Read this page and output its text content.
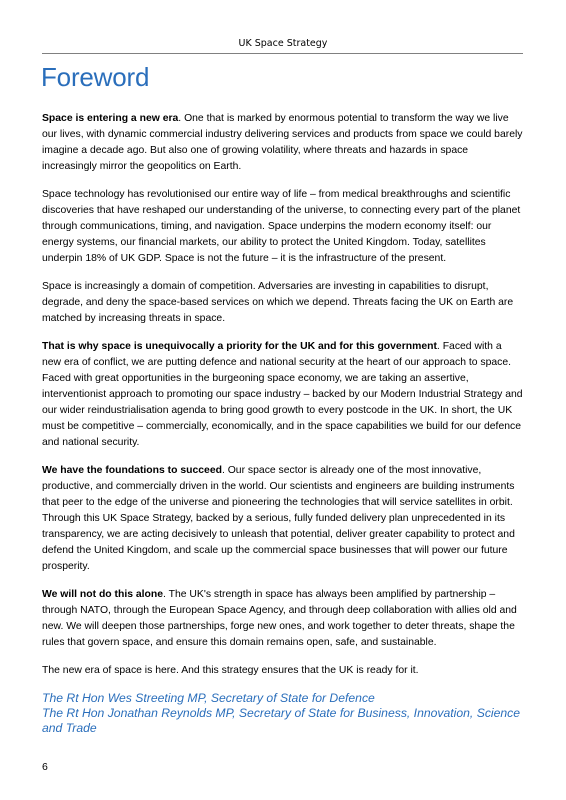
UK Space Strategy
Foreword

Space is entering a new era. One that is marked by enormous potential to transform the way we live our lives, with dynamic commercial industry delivering services and products from space we could barely imagine a decade ago. But also one of growing volatility, where threats and hazards in space increasingly mirror the geopolitics on Earth.

Space technology has revolutionised our entire way of life – from medical breakthroughs and scientific discoveries that have reshaped our understanding of the universe, to connecting every part of the planet through communications, timing, and navigation. Space underpins the modern economy itself: our energy systems, our financial markets, our ability to protect the United Kingdom. Today, satellites underpin 18% of UK GDP. Space is not the future – it is the infrastructure of the present.

Space is increasingly a domain of competition. Adversaries are investing in capabilities to disrupt, degrade, and deny the space-based services on which we depend. Threats facing the UK on Earth are matched by increasing threats in space.

That is why space is unequivocally a priority for the UK and for this government. Faced with a new era of conflict, we are putting defence and national security at the heart of our approach to space. Faced with great opportunities in the burgeoning space economy, we are taking an assertive, interventionist approach to promoting our space industry – backed by our Modern Industrial Strategy and our wider reindustrialisation agenda to bring good growth to every postcode in the UK. In short, the UK must be competitive – commercially, economically, and in the space capabilities we build for our defence and national security.

We have the foundations to succeed. Our space sector is already one of the most innovative, productive, and commercially driven in the world. Our scientists and engineers are building instruments that peer to the edge of the universe and pioneering the technologies that will service satellites in orbit. Through this UK Space Strategy, backed by a serious, fully funded delivery plan unprecedented in its transparency, we are acting decisively to unleash that potential, deliver greater capability to protect and defend the United Kingdom, and scale up the commercial space businesses that will power our future prosperity.

We will not do this alone. The UK's strength in space has always been amplified by partnership – through NATO, through the European Space Agency, and through deep collaboration with allies old and new. We will deepen those partnerships, forge new ones, and work together to deter threats, shape the rules that govern space, and ensure this domain remains open, safe, and sustainable.

The new era of space is here. And this strategy ensures that the UK is ready for it.

The Rt Hon Wes Streeting MP, Secretary of State for Defence

The Rt Hon Jonathan Reynolds MP, Secretary of State for Business, Innovation, Science and Trade

6
